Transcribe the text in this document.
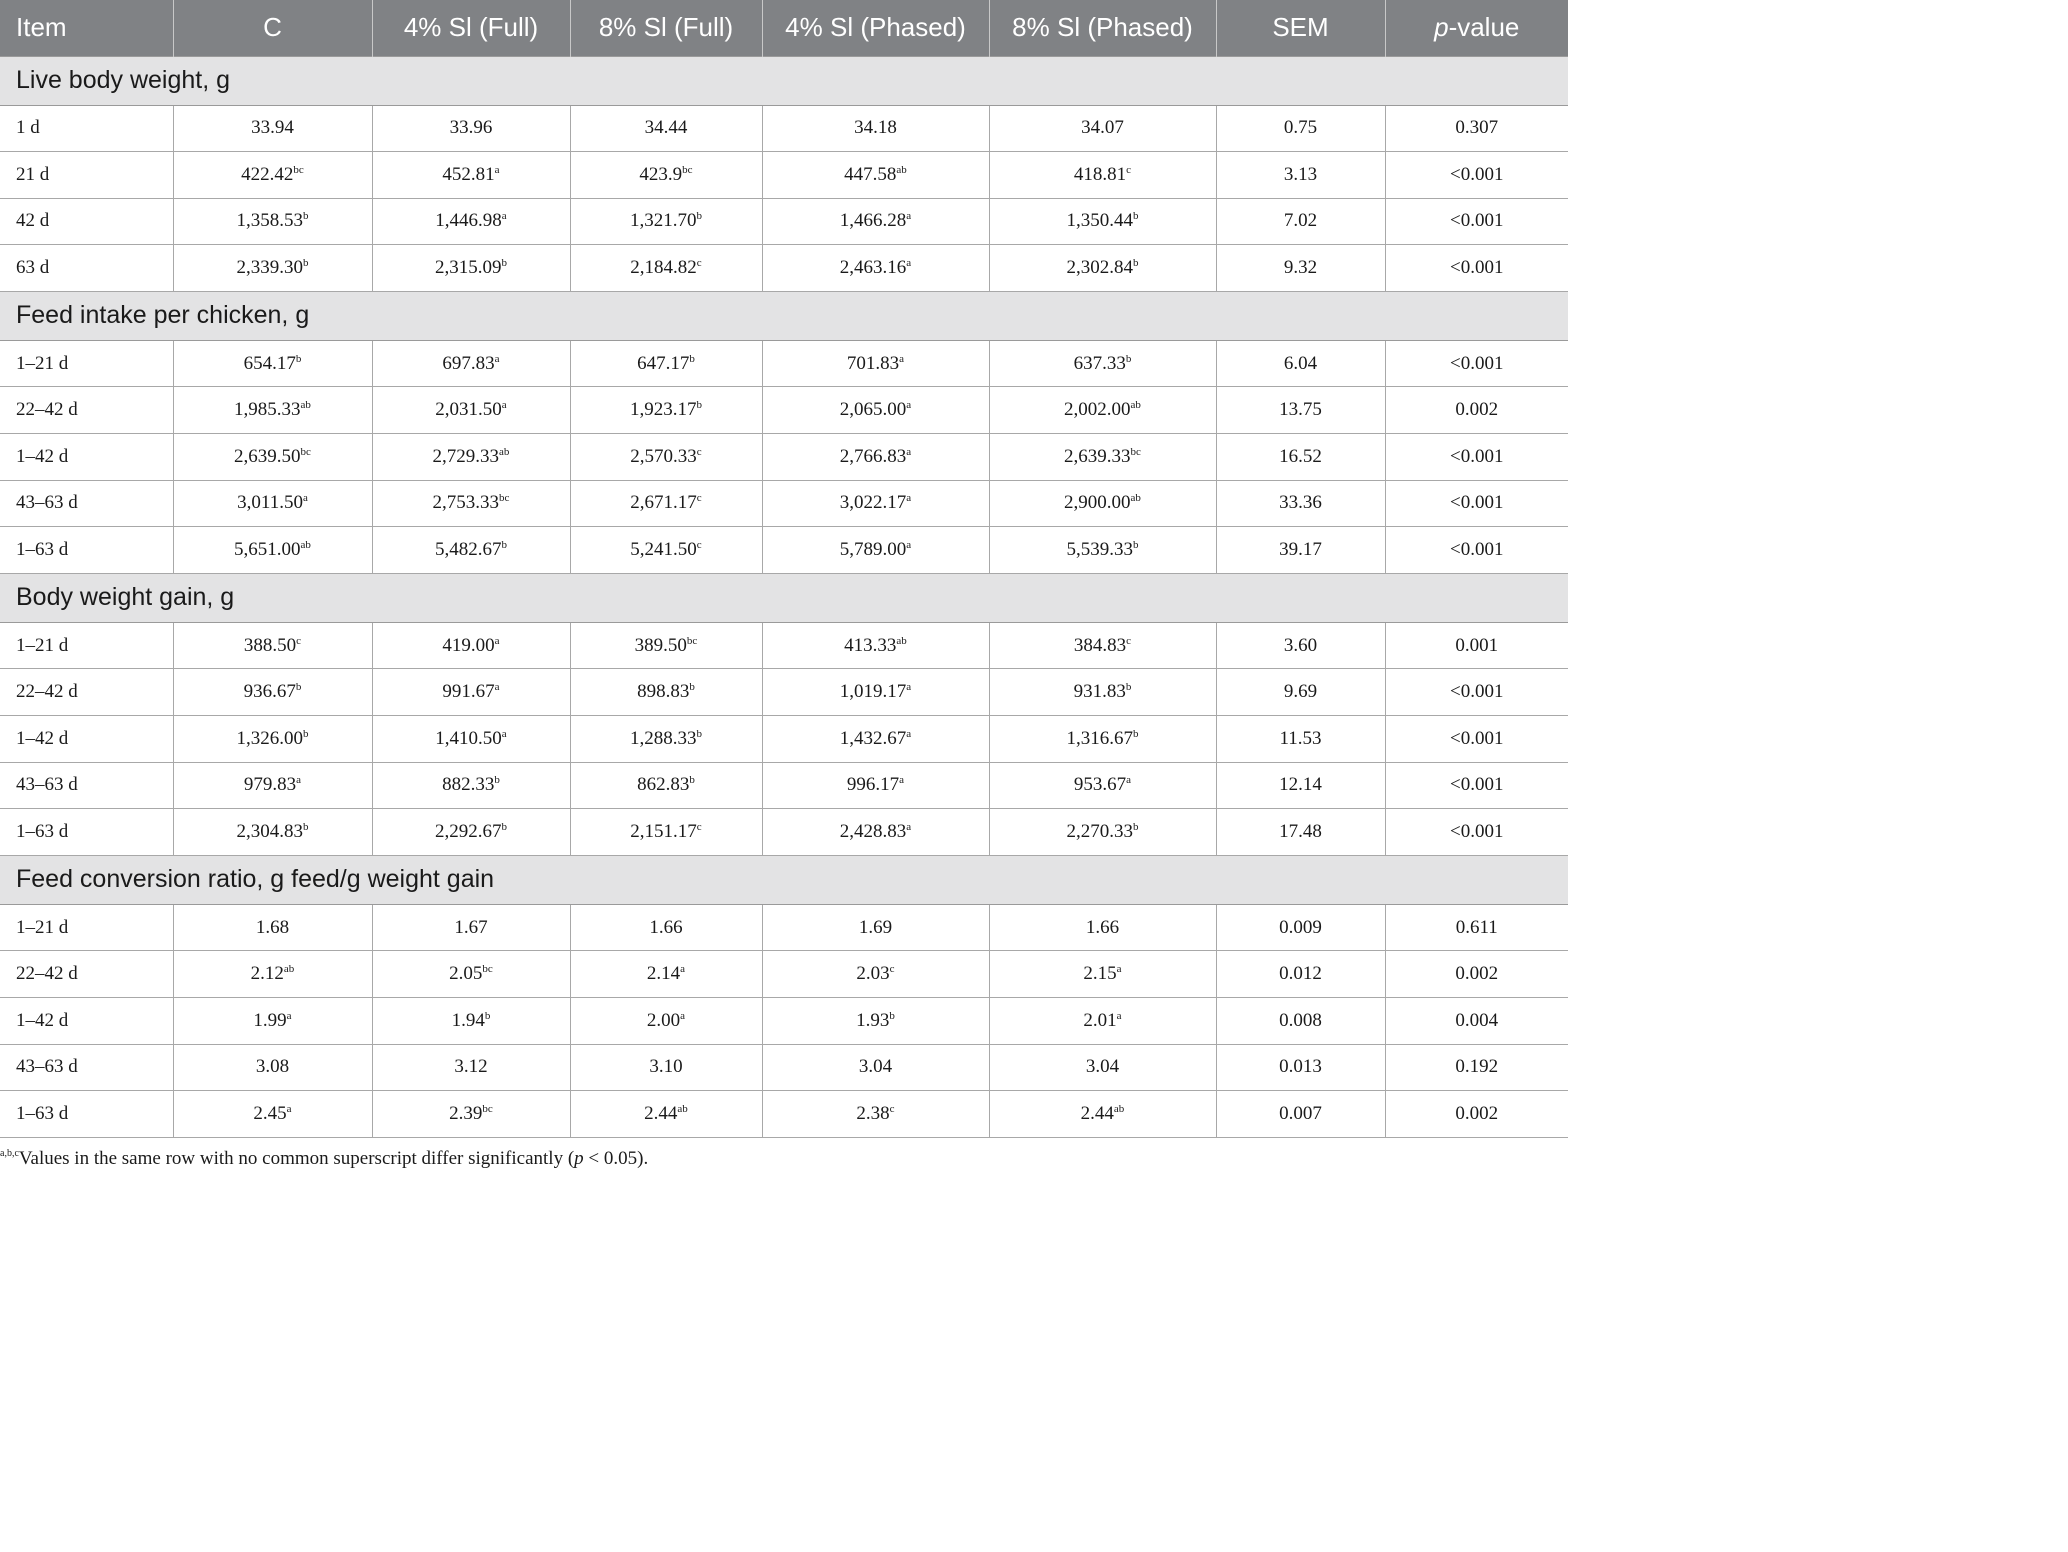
Item	C	4% Sl (Full)	8% Sl (Full)	4% Sl (Phased)	8% Sl (Phased)	SEM	p-value
Live body weight, g							
1 d	33.94	33.96	34.44	34.18	34.07	0.75	0.307
21 d	422.42$^{bc}$	452.81$^a$	423.9$^{bc}$	447.58$^{ab}$	418.81$^c$	3.13	<0.001
42 d	1,358.53$^b$	1,446.98$^a$	1,321.70$^b$	1,466.28$^a$	1,350.44$^b$	7.02	<0.001
63 d	2,339.30$^b$	2,315.09$^b$	2,184.82$^c$	2,463.16$^a$	2,302.84$^b$	9.32	<0.001
Feed intake per chicken, g							
1–21 d	654.17$^b$	697.83$^a$	647.17$^b$	701.83$^a$	637.33$^b$	6.04	<0.001
22–42 d	1,985.33$^{ab}$	2,031.50$^a$	1,923.17$^b$	2,065.00$^a$	2,002.00$^{ab}$	13.75	0.002
1–42 d	2,639.50$^{bc}$	2,729.33$^{ab}$	2,570.33$^c$	2,766.83$^a$	2,639.33$^{bc}$	16.52	<0.001
43–63 d	3,011.50$^a$	2,753.33$^{bc}$	2,671.17$^c$	3,022.17$^a$	2,900.00$^{ab}$	33.36	<0.001
1–63 d	5,651.00$^{ab}$	5,482.67$^b$	5,241.50$^c$	5,789.00$^a$	5,539.33$^b$	39.17	<0.001
Body weight gain, g							
1–21 d	388.50$^c$	419.00$^a$	389.50$^{bc}$	413.33$^{ab}$	384.83$^c$	3.60	0.001
22–42 d	936.67$^b$	991.67$^a$	898.83$^b$	1,019.17$^a$	931.83$^b$	9.69	<0.001
1–42 d	1,326.00$^b$	1,410.50$^a$	1,288.33$^b$	1,432.67$^a$	1,316.67$^b$	11.53	<0.001
43–63 d	979.83$^a$	882.33$^b$	862.83$^b$	996.17$^a$	953.67$^a$	12.14	<0.001
1–63 d	2,304.83$^b$	2,292.67$^b$	2,151.17$^c$	2,428.83$^a$	2,270.33$^b$	17.48	<0.001
Feed conversion ratio, g feed/g weight gain							
1–21 d	1.68	1.67	1.66	1.69	1.66	0.009	0.611
22–42 d	2.12$^{ab}$	2.05$^{bc}$	2.14$^a$	2.03$^c$	2.15$^a$	0.012	0.002
1–42 d	1.99$^a$	1.94$^b$	2.00$^a$	1.93$^b$	2.01$^a$	0.008	0.004
43–63 d	3.08	3.12	3.10	3.04	3.04	0.013	0.192
1–63 d	2.45$^a$	2.39$^{bc}$	2.44$^{ab}$	2.38$^c$	2.44$^{ab}$	0.007	0.002
$^{a,b,c}$Values in the same row with no common superscript differ significantly (p < 0.05).
